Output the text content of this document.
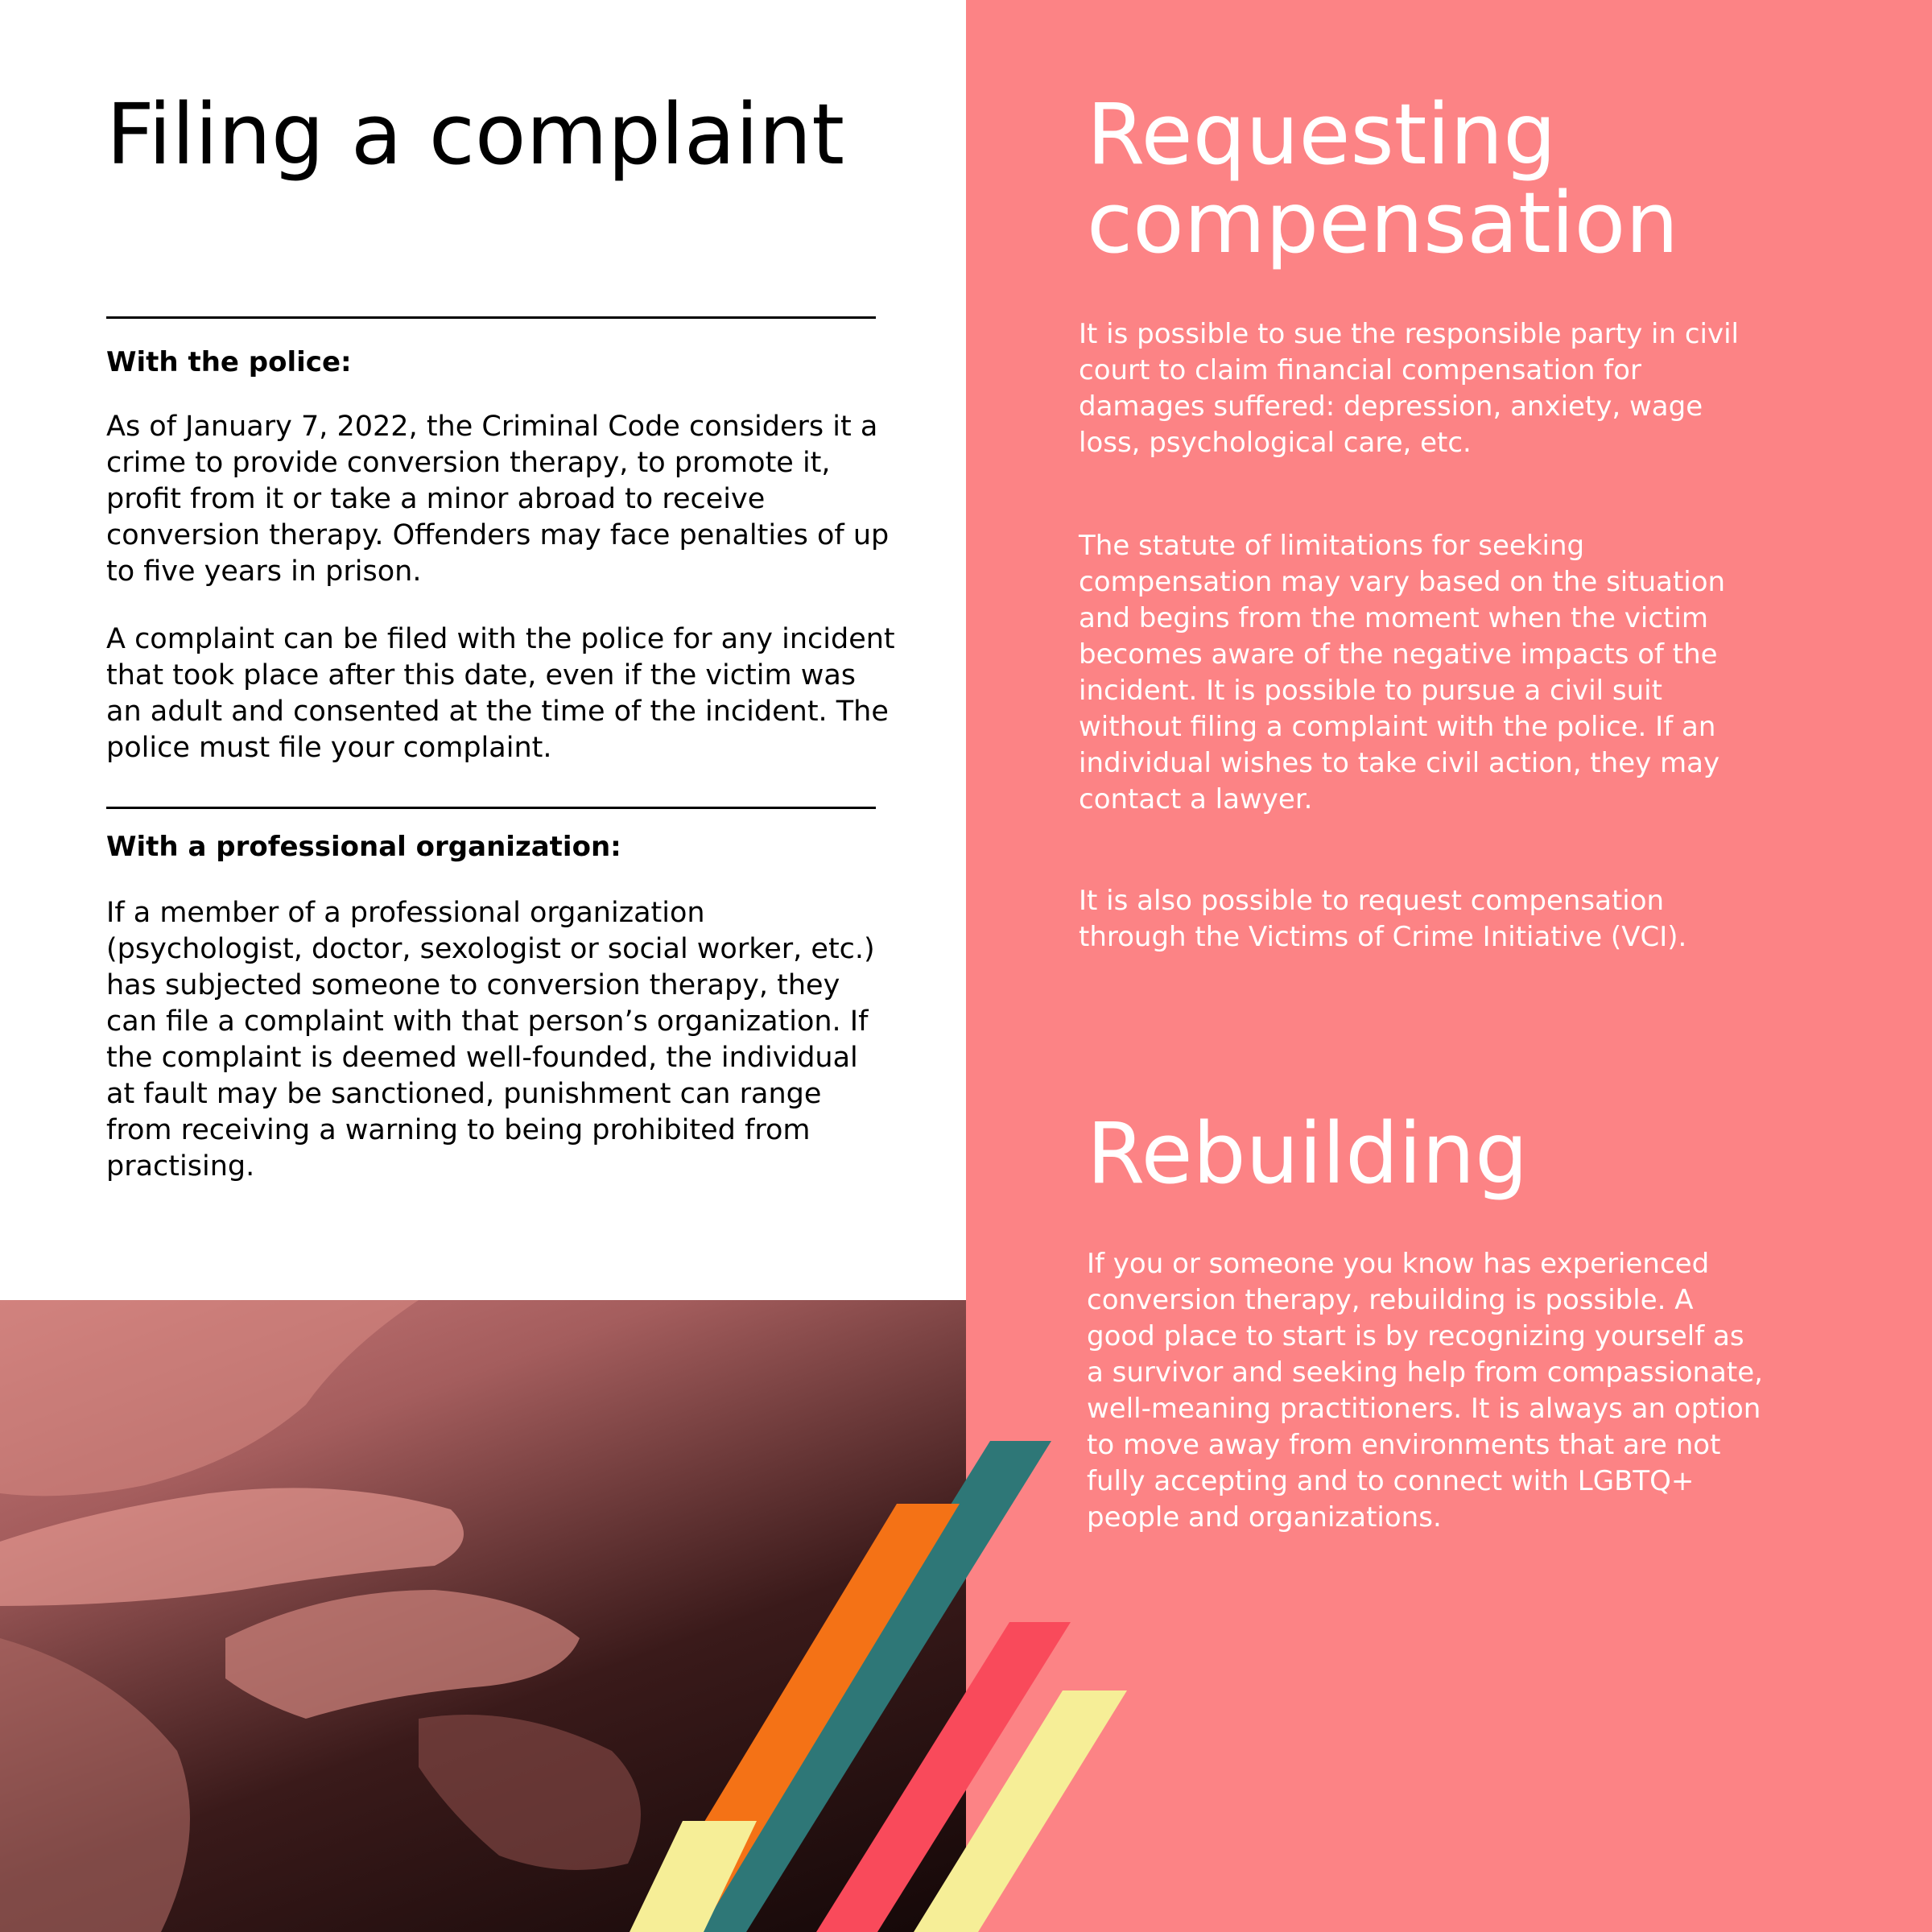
Filing a complaint
With the police:

As of January 7, 2022, the Criminal Code considers it a crime to provide conversion therapy, to promote it, profit from it or take a minor abroad to receive conversion therapy. Offenders may face penalties of up to five years in prison.

A complaint can be filed with the police for any incident that took place after this date, even if the victim was an adult and consented at the time of the incident. The police must file your complaint.

With a professional organization:

If a member of a professional organization (psychologist, doctor, sexologist or social worker, etc.) has subjected someone to conversion therapy, they can file a complaint with that person’s organization. If the complaint is deemed well-founded, the individual at fault may be sanctioned, punishment can range from receiving a warning to being prohibited from practising.

Requesting compensation

It is possible to sue the responsible party in civil court to claim financial compensation for damages suffered: depression, anxiety, wage loss, psychological care, etc.

The statute of limitations for seeking compensation may vary based on the situation and begins from the moment when the victim becomes aware of the negative impacts of the incident. It is possible to pursue a civil suit without filing a complaint with the police. If an individual wishes to take civil action, they may contact a lawyer.

It is also possible to request compensation through the Victims of Crime Initiative (VCI).

Rebuilding

If you or someone you know has experienced conversion therapy, rebuilding is possible. A good place to start is by recognizing yourself as a survivor and seeking help from compassionate, well-meaning practitioners. It is always an option to move away from environments that are not fully accepting and to connect with LGBTQ+ people and organizations.
